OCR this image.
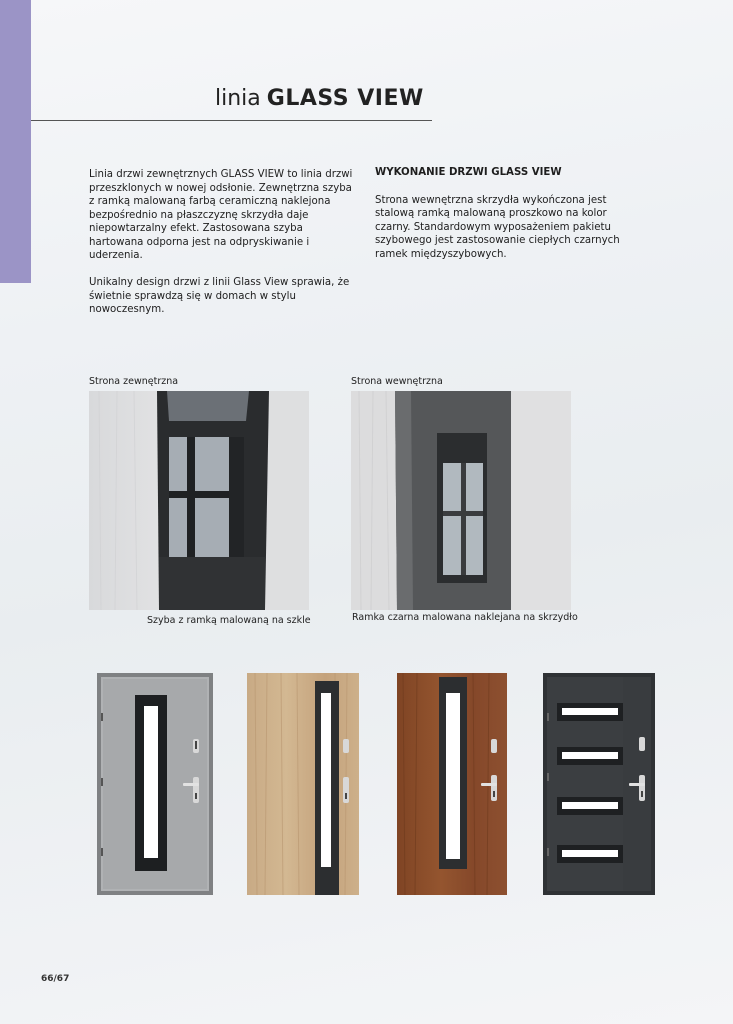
linia GLASS VIEW

Linia drzwi zewnętrznych GLASS VIEW to linia drzwi przeszklonych w nowej odsłonie. Zewnętrzna szyba z ramką malowaną farbą ceramiczną naklejona bezpośrednio na płaszczyznę skrzydła daje niepowtarzalny efekt. Zastosowana szyba hartowana odporna jest na odpryskiwanie i uderzenia.

Unikalny design drzwi z linii Glass View sprawia, że świetnie sprawdzą się w domach w stylu nowoczesnym.

WYKONANIE DRZWI GLASS VIEW

Strona wewnętrzna skrzydła wykończona jest stalową ramką malowaną proszkowo na kolor czarny. Standardowym wyposażeniem pakietu szybowego jest zastosowanie ciepłych czarnych ramek międzyszybowych.

Strona zewnętrzna
Szyba z ramką malowaną na szkle
Strona wewnętrzna
Ramka czarna malowana naklejana na skrzydło
66/67
